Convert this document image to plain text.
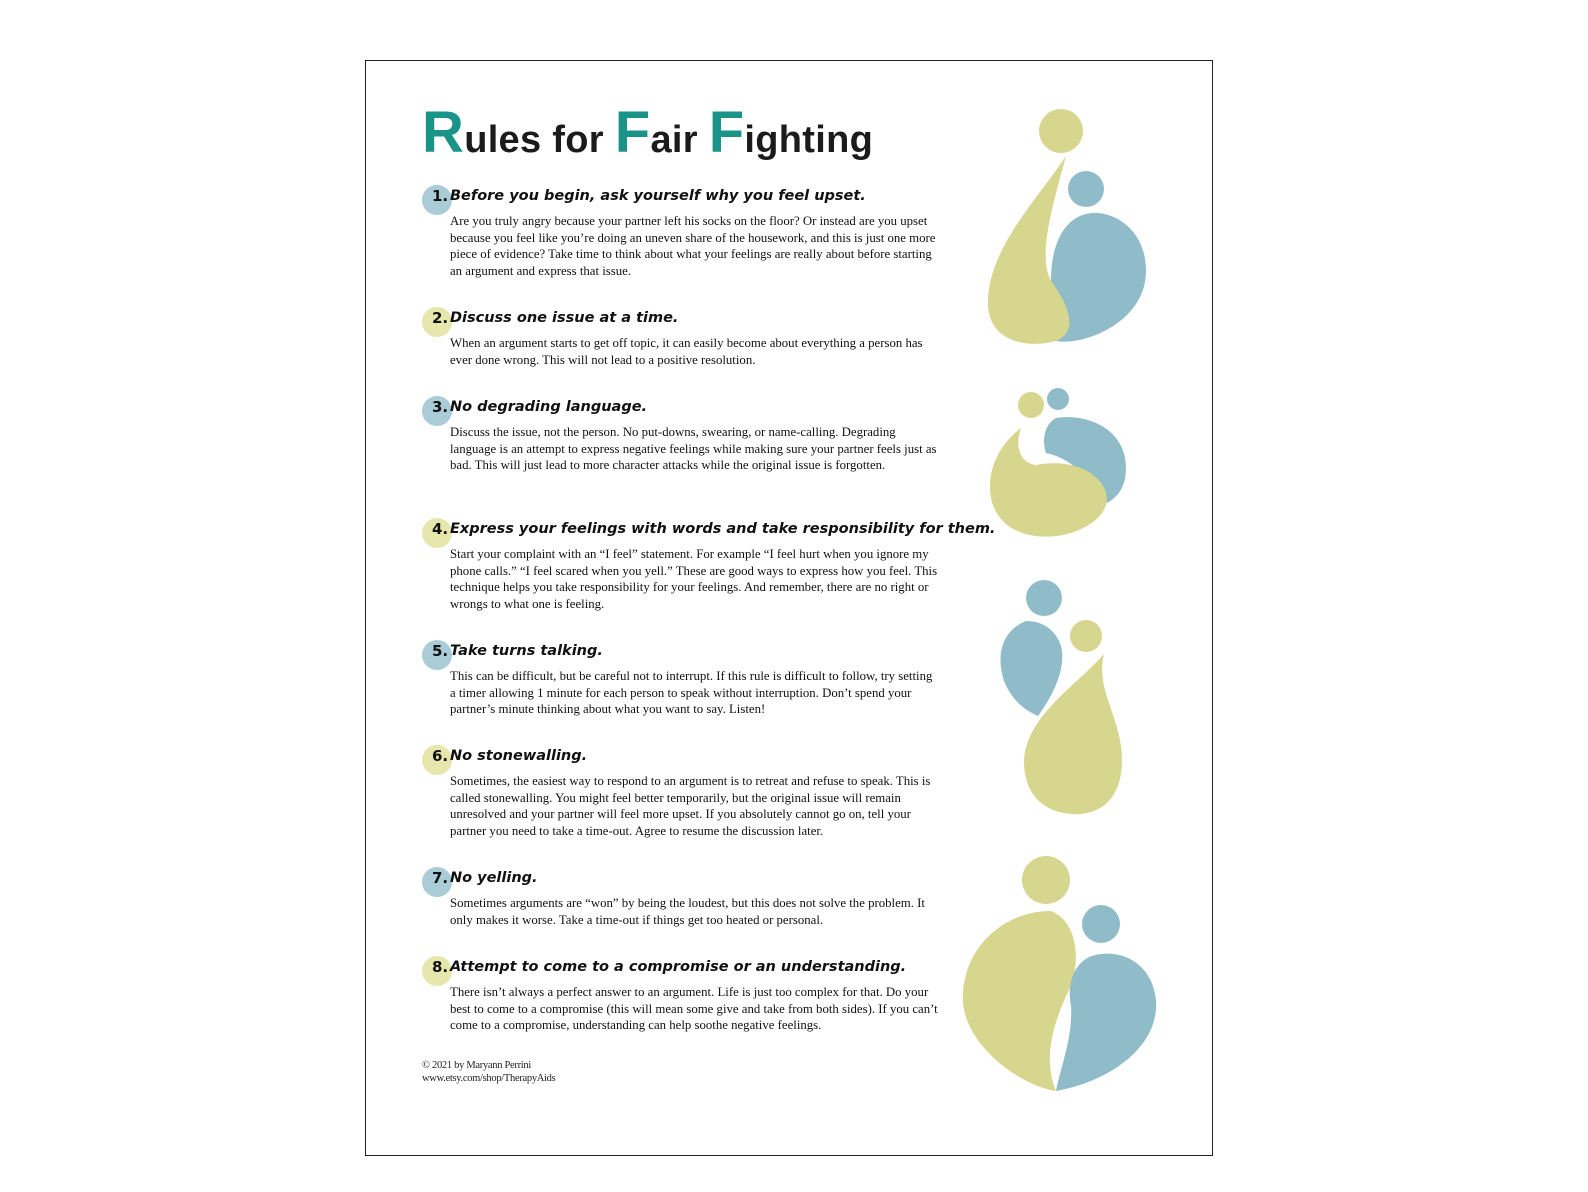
Rules for Fair Fighting
1. Before you begin, ask yourself why you feel upset.

Are you truly angry because your partner left his socks on the floor? Or instead are you upset because you feel like you’re doing an uneven share of the housework, and this is just one more piece of evidence? Take time to think about what your feelings are really about before starting an argument and express that issue.

2. Discuss one issue at a time.

When an argument starts to get off topic, it can easily become about everything a person has ever done wrong. This will not lead to a positive resolution.

3. No degrading language.

Discuss the issue, not the person. No put-downs, swearing, or name-calling. Degrading language is an attempt to express negative feelings while making sure your partner feels just as bad. This will just lead to more character attacks while the original issue is forgotten.

4. Express your feelings with words and take responsibility for them.

Start your complaint with an “I feel” statement. For example “I feel hurt when you ignore my phone calls.” “I feel scared when you yell.” These are good ways to express how you feel. This technique helps you take responsibility for your feelings. And remember, there are no right or wrongs to what one is feeling.

5. Take turns talking.

This can be difficult, but be careful not to interrupt. If this rule is difficult to follow, try setting a timer allowing 1 minute for each person to speak without interruption. Don’t spend your partner’s minute thinking about what you want to say. Listen!

6. No stonewalling.

Sometimes, the easiest way to respond to an argument is to retreat and refuse to speak. This is called stonewalling. You might feel better temporarily, but the original issue will remain unresolved and your partner will feel more upset. If you absolutely cannot go on, tell your partner you need to take a time-out. Agree to resume the discussion later.

7. No yelling.

Sometimes arguments are “won” by being the loudest, but this does not solve the problem. It only makes it worse. Take a time-out if things get too heated or personal.

8. Attempt to come to a compromise or an understanding.

There isn’t always a perfect answer to an argument. Life is just too complex for that. Do your best to come to a compromise (this will mean some give and take from both sides). If you can’t come to a compromise, understanding can help soothe negative feelings.

© 2021 by Maryann Perrini
www.etsy.com/shop/TherapyAids
